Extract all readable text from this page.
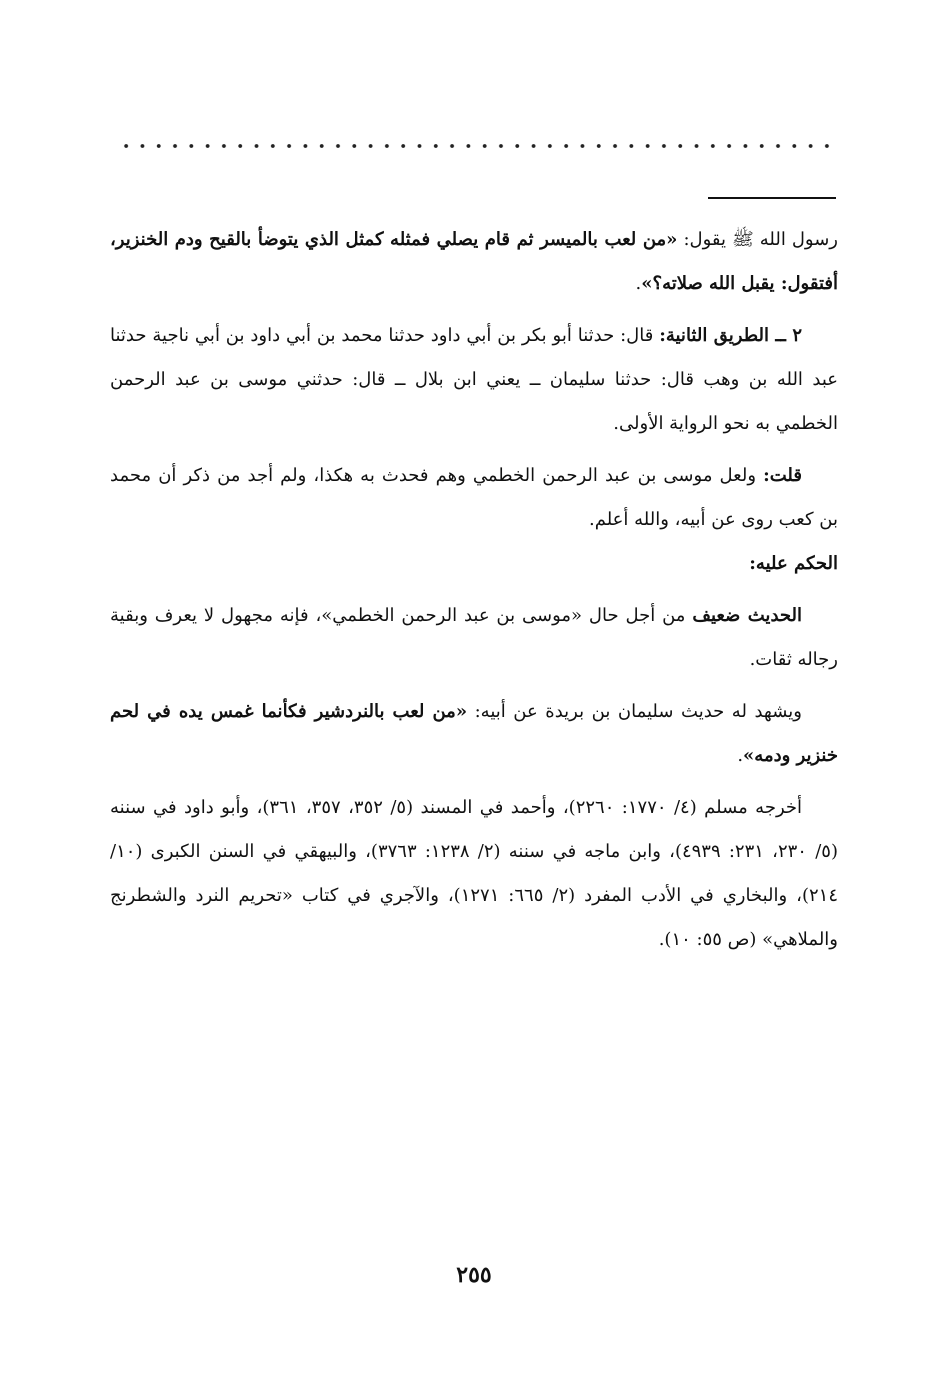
رسول الله ﷺ يقول: «من لعب بالميسر ثم قام يصلي فمثله كمثل الذي يتوضأ بالقيح ودم الخنزير، أفتقول: يقبل الله صلاته؟».

٢ ــ الطريق الثانية: قال: حدثنا أبو بكر بن أبي داود حدثنا محمد بن أبي داود بن أبي ناجية حدثنا عبد الله بن وهب قال: حدثنا سليمان ــ يعني ابن بلال ــ قال: حدثني موسى بن عبد الرحمن الخطمي به نحو الرواية الأولى.

قلت: ولعل موسى بن عبد الرحمن الخطمي وهم فحدث به هكذا، ولم أجد من ذكر أن محمد بن كعب روى عن أبيه، والله أعلم.

الحكم عليه:

الحديث ضعيف من أجل حال «موسى بن عبد الرحمن الخطمي»، فإنه مجهول لا يعرف وبقية رجاله ثقات.

ويشهد له حديث سليمان بن بريدة عن أبيه: «من لعب بالنردشير فكأنما غمس يده في لحم خنزير ودمه».

أخرجه مسلم (٤/ ١٧٧٠: ٢٢٦٠)، وأحمد في المسند (٥/ ٣٥٢، ٣٥٧، ٣٦١)، وأبو داود في سننه (٥/ ٢٣٠، ٢٣١: ٤٩٣٩)، وابن ماجه في سننه (٢/ ١٢٣٨: ٣٧٦٣)، والبيهقي في السنن الكبرى (١٠/ ٢١٤)، والبخاري في الأدب المفرد (٢/ ٦٦٥: ١٢٧١)، والآجري في كتاب «تحريم النرد والشطرنج والملاهي» (ص ٥٥: ١٠).

٢٥٥
